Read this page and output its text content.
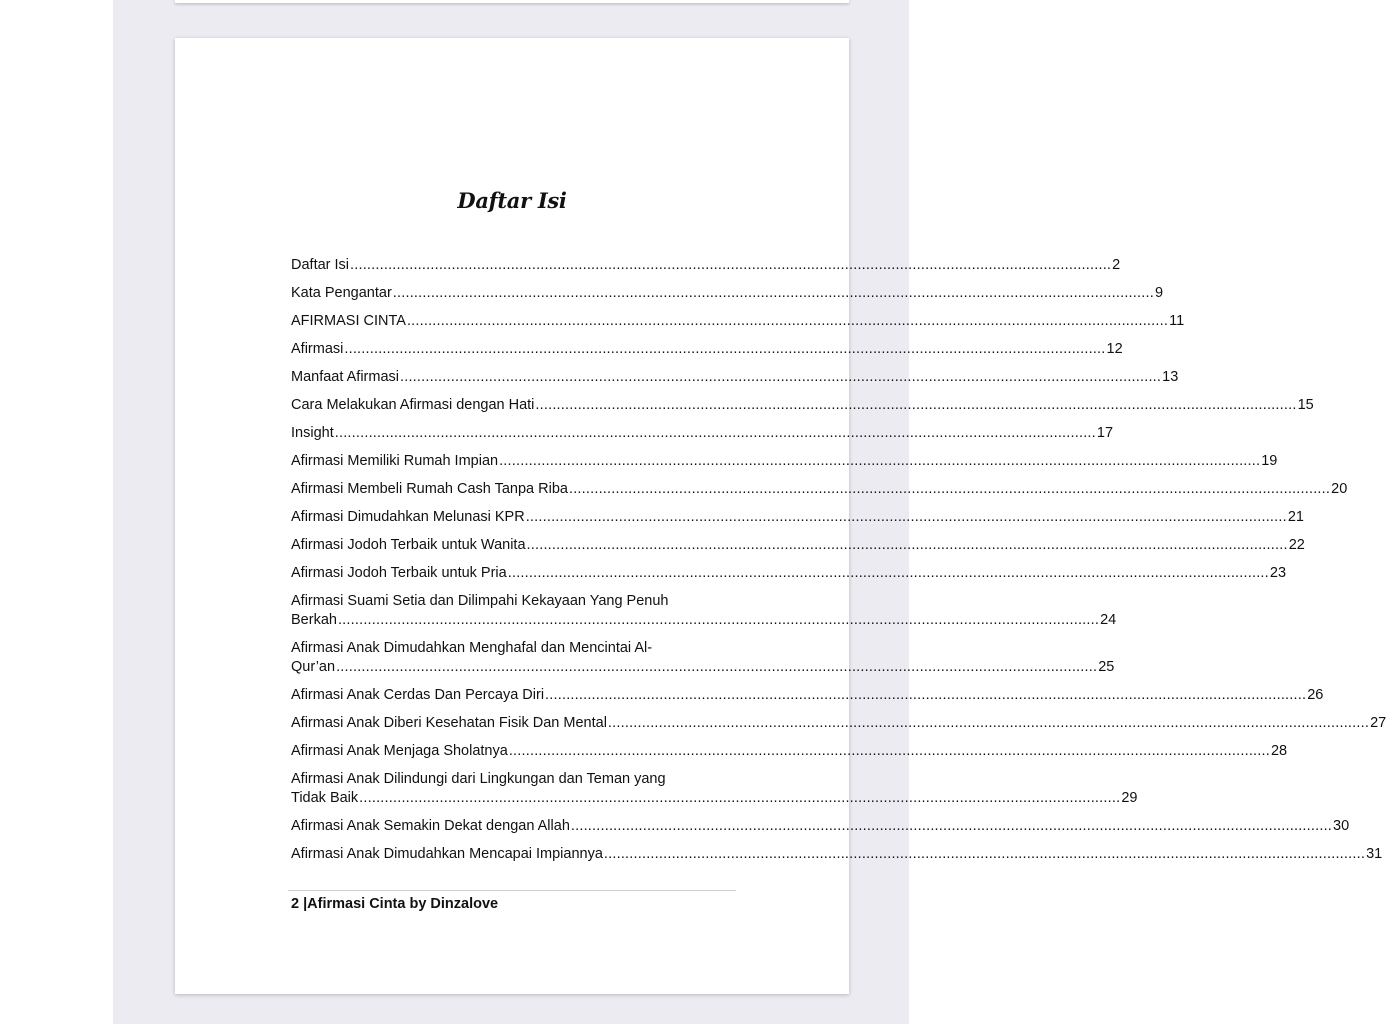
Daftar Isi
Daftar Isi .....	2
Kata Pengantar .....	9
AFIRMASI CINTA .....	11
Afirmasi .....	12
Manfaat Afirmasi .....	13
Cara Melakukan Afirmasi dengan Hati .....	15
Insight .....	17
Afirmasi Memiliki Rumah Impian .....	19
Afirmasi Membeli Rumah Cash Tanpa Riba .....	20
Afirmasi Dimudahkan Melunasi KPR .....	21
Afirmasi Jodoh Terbaik untuk Wanita .....	22
Afirmasi Jodoh Terbaik untuk Pria .....	23
Afirmasi Suami Setia dan Dilimpahi Kekayaan Yang Penuh
Berkah .....	24
Afirmasi Anak Dimudahkan Menghafal dan Mencintai Al-
Qur’an .....	25
Afirmasi Anak Cerdas Dan Percaya Diri .....	26
Afirmasi Anak Diberi Kesehatan Fisik Dan Mental .....	27
Afirmasi Anak Menjaga Sholatnya .....	28
Afirmasi Anak Dilindungi dari Lingkungan dan Teman yang
Tidak Baik .....	29
Afirmasi Anak Semakin Dekat dengan Allah .....	30
Afirmasi Anak Dimudahkan Mencapai Impiannya .....	31
2 |Afirmasi Cinta by Dinzalove
